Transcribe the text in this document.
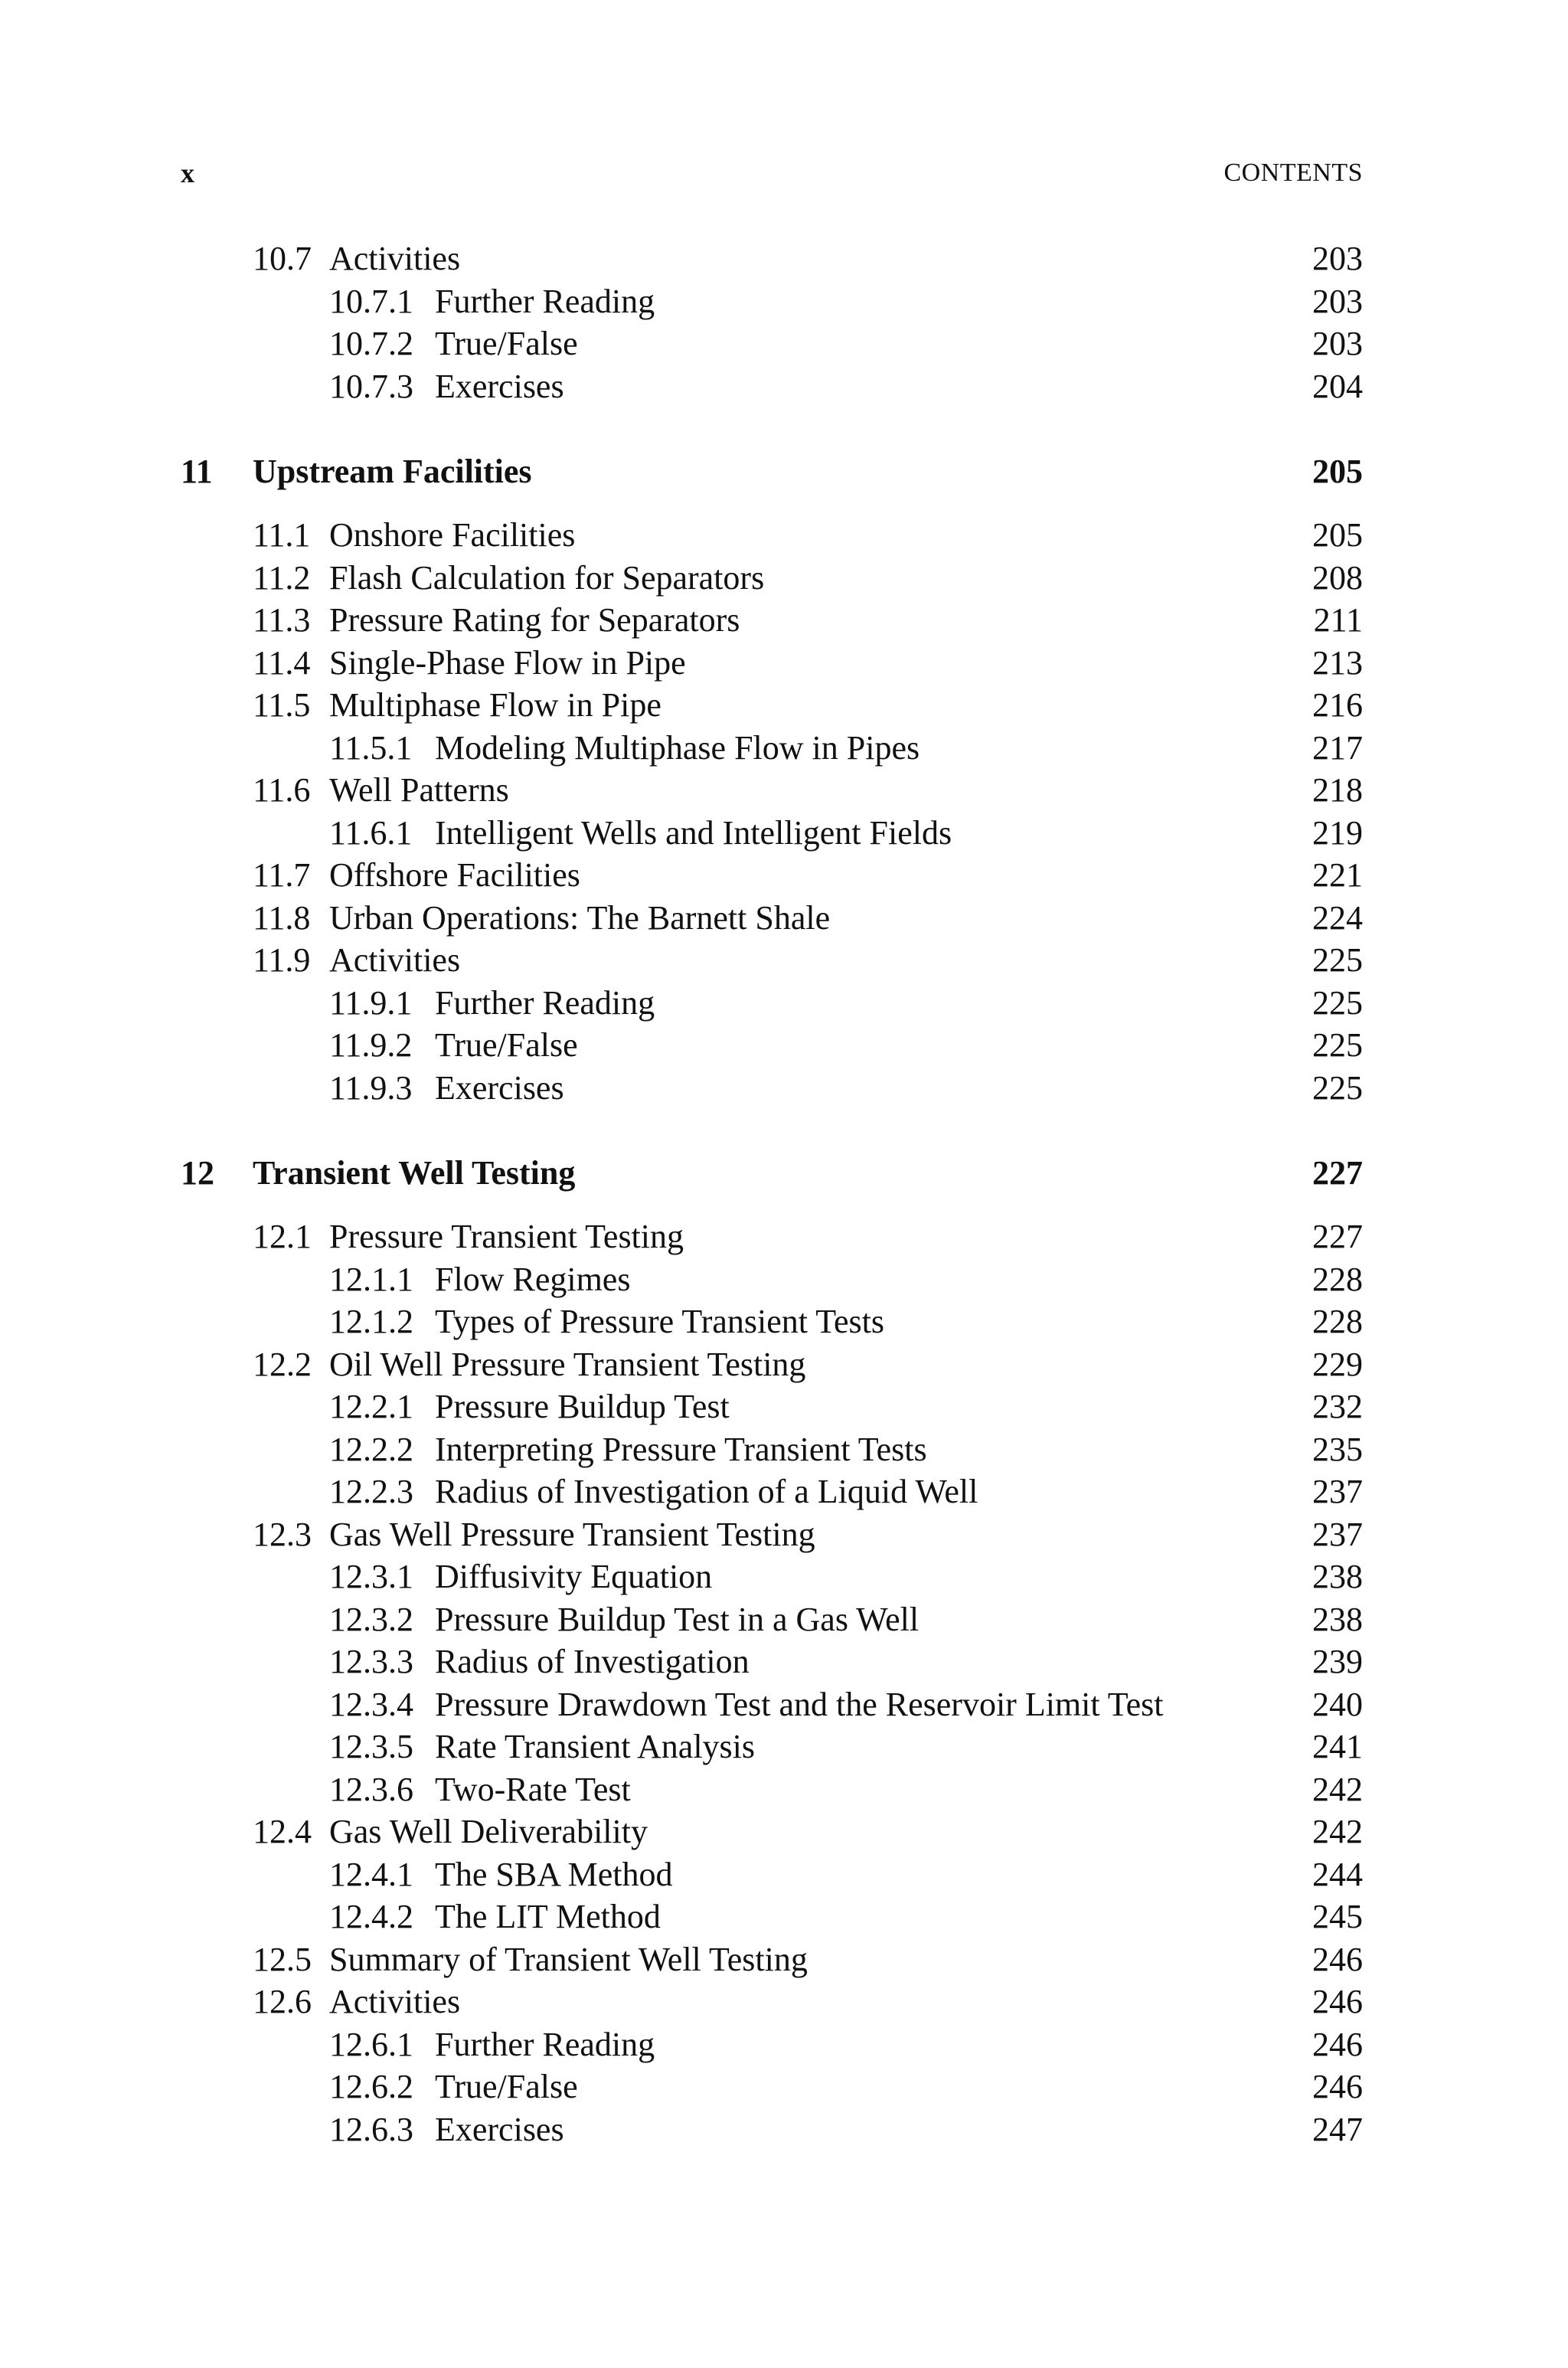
x	CONTENTS
10.7 Activities	203
10.7.1 Further Reading	203
10.7.2 True/False	203
10.7.3 Exercises	204
11 Upstream Facilities	205
11.1 Onshore Facilities	205
11.2 Flash Calculation for Separators	208
11.3 Pressure Rating for Separators	211
11.4 Single-Phase Flow in Pipe	213
11.5 Multiphase Flow in Pipe	216
11.5.1 Modeling Multiphase Flow in Pipes	217
11.6 Well Patterns	218
11.6.1 Intelligent Wells and Intelligent Fields	219
11.7 Offshore Facilities	221
11.8 Urban Operations: The Barnett Shale	224
11.9 Activities	225
11.9.1 Further Reading	225
11.9.2 True/False	225
11.9.3 Exercises	225
12 Transient Well Testing	227
12.1 Pressure Transient Testing	227
12.1.1 Flow Regimes	228
12.1.2 Types of Pressure Transient Tests	228
12.2 Oil Well Pressure Transient Testing	229
12.2.1 Pressure Buildup Test	232
12.2.2 Interpreting Pressure Transient Tests	235
12.2.3 Radius of Investigation of a Liquid Well	237
12.3 Gas Well Pressure Transient Testing	237
12.3.1 Diffusivity Equation	238
12.3.2 Pressure Buildup Test in a Gas Well	238
12.3.3 Radius of Investigation	239
12.3.4 Pressure Drawdown Test and the Reservoir Limit Test	240
12.3.5 Rate Transient Analysis	241
12.3.6 Two-Rate Test	242
12.4 Gas Well Deliverability	242
12.4.1 The SBA Method	244
12.4.2 The LIT Method	245
12.5 Summary of Transient Well Testing	246
12.6 Activities	246
12.6.1 Further Reading	246
12.6.2 True/False	246
12.6.3 Exercises	247
